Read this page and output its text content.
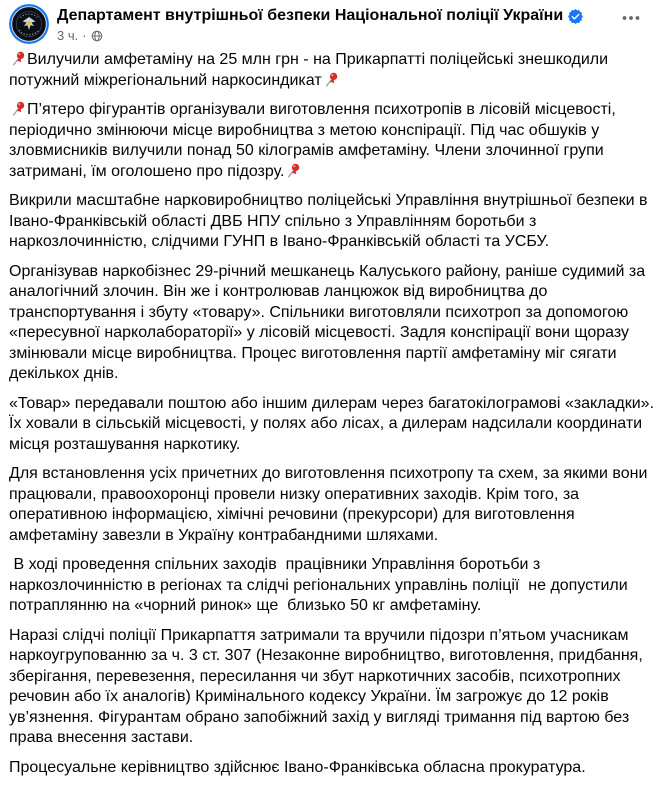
Департамент внутрішньої безпеки Національної поліції України
3 ч. ·

Вилучили амфетаміну на 25 млн грн - на Прикарпатті поліцейські знешкодили потужний міжрегіональний наркосиндикат

П’ятеро фігурантів організували виготовлення психотропів в лісовій місцевості, періодично змінюючи місце виробництва з метою конспірації. Під час обшуків у зловмисників вилучили понад 50 кілограмів амфетаміну. Члени злочинної групи затримані, їм оголошено про підозру.

Викрили масштабне нарковиробництво поліцейські Управління внутрішньої безпеки в Івано-Франківській області ДВБ НПУ спільно з Управлінням боротьби з наркозлочинністю, слідчими ГУНП в Івано-Франківській області та УСБУ.

Організував наркобізнес 29-річний мешканець Калуського району, раніше судимий за аналогічний злочин. Він же і контролював ланцюжок від виробництва до транспортування і збуту «товару». Спільники виготовляли психотроп за допомогою «пересувної нарколабораторії» у лісовій місцевості. Задля конспірації вони щоразу змінювали місце виробництва. Процес виготовлення партії амфетаміну міг сягати декількох днів.

«Товар» передавали поштою або іншим дилерам через багатокілограмові «закладки». Їх ховали в сільській місцевості, у полях або лісах, а дилерам надсилали координати місця розташування наркотику.

Для встановлення усіх причетних до виготовлення психотропу та схем, за якими вони працювали, правоохоронці провели низку оперативних заходів. Крім того, за оперативною інформацією, хімічні речовини (прекурсори) для виготовлення амфетаміну завезли в Україну контрабандними шляхами.

В ході проведення спільних заходів  працівники Управління боротьби з наркозлочинністю в регіонах та слідчі регіональних управлінь поліції  не допустили потраплянню на «чорний ринок» ще  близько 50 кг амфетаміну.

Наразі слідчі поліції Прикарпаття затримали та вручили підозри п’ятьом учасникам наркоугрупованню за ч. 3 ст. 307 (Незаконне виробництво, виготовлення, придбання, зберігання, перевезення, пересилання чи збут наркотичних засобів, психотропних речовин або їх аналогів) Кримінального кодексу України. Їм загрожує до 12 років ув’язнення. Фігурантам обрано запобіжний захід у вигляді тримання під вартою без права внесення застави.

Процесуальне керівництво здійснює Івано-Франківська обласна прокуратура.
